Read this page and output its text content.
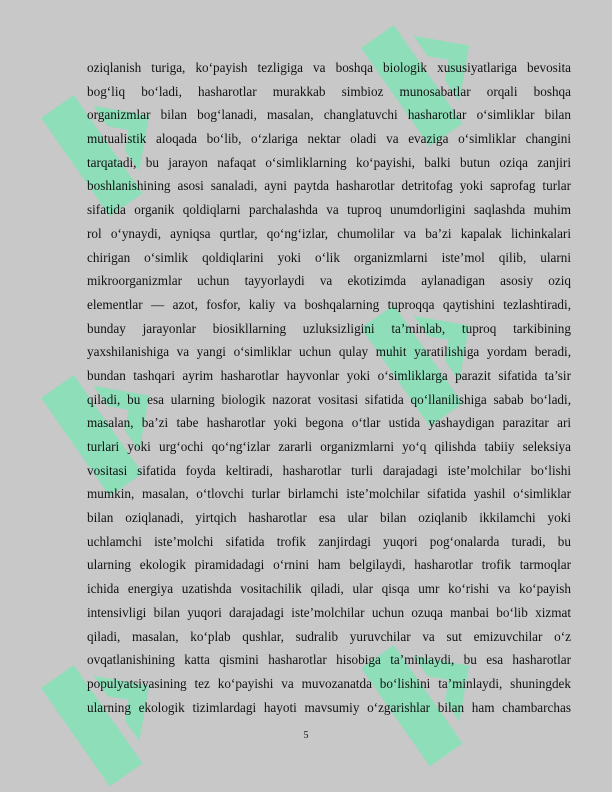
oziqlanish turiga, ko‘payish tezligiga va boshqa biologik xususiyatlariga bevosita
bog‘liq bo‘ladi, hasharotlar murakkab simbioz munosabatlar orqali boshqa
organizmlar bilan bog‘lanadi, masalan, changlatuvchi hasharotlar o‘simliklar bilan
mutualistik aloqada bo‘lib, o‘zlariga nektar oladi va evaziga o‘simliklar changini
tarqatadi, bu jarayon nafaqat o‘simliklarning ko‘payishi, balki butun oziqa zanjiri
boshlanishining asosi sanaladi, ayni paytda hasharotlar detritofag yoki saprofag turlar
sifatida organik qoldiqlarni parchalashda va tuproq unumdorligini saqlashda muhim
rol o‘ynaydi, ayniqsa qurtlar, qo‘ng‘izlar, chumolilar va ba’zi kapalak lichinkalari
chirigan o‘simlik qoldiqlarini yoki o‘lik organizmlarni iste’mol qilib, ularni
mikroorganizmlar uchun tayyorlaydi va ekotizimda aylanadigan asosiy oziq
elementlar — azot, fosfor, kaliy va boshqalarning tuproqqa qaytishini tezlashtiradi,
bunday jarayonlar biosikllarning uzluksizligini ta’minlab, tuproq tarkibining
yaxshilanishiga va yangi o‘simliklar uchun qulay muhit yaratilishiga yordam beradi,
bundan tashqari ayrim hasharotlar hayvonlar yoki o‘simliklarga parazit sifatida ta’sir
qiladi, bu esa ularning biologik nazorat vositasi sifatida qo‘llanilishiga sabab bo‘ladi,
masalan, ba’zi tabe hasharotlar yoki begona o‘tlar ustida yashaydigan parazitar ari
turlari yoki urg‘ochi qo‘ng‘izlar zararli organizmlarni yo‘q qilishda tabiiy seleksiya
vositasi sifatida foyda keltiradi, hasharotlar turli darajadagi iste’molchilar bo‘lishi
mumkin, masalan, o‘tlovchi turlar birlamchi iste’molchilar sifatida yashil o‘simliklar
bilan oziqlanadi, yirtqich hasharotlar esa ular bilan oziqlanib ikkilamchi yoki
uchlamchi iste’molchi sifatida trofik zanjirdagi yuqori pog‘onalarda turadi, bu
ularning ekologik piramidadagi o‘rnini ham belgilaydi, hasharotlar trofik tarmoqlar
ichida energiya uzatishda vositachilik qiladi, ular qisqa umr ko‘rishi va ko‘payish
intensivligi bilan yuqori darajadagi iste’molchilar uchun ozuqa manbai bo‘lib xizmat
qiladi, masalan, ko‘plab qushlar, sudralib yuruvchilar va sut emizuvchilar o‘z
ovqatlanishining katta qismini hasharotlar hisobiga ta’minlaydi, bu esa hasharotlar
populyatsiyasining tez ko‘payishi va muvozanatda bo‘lishini ta’minlaydi, shuningdek
ularning ekologik tizimlardagi hayoti mavsumiy o‘zgarishlar bilan ham chambarchas
5
